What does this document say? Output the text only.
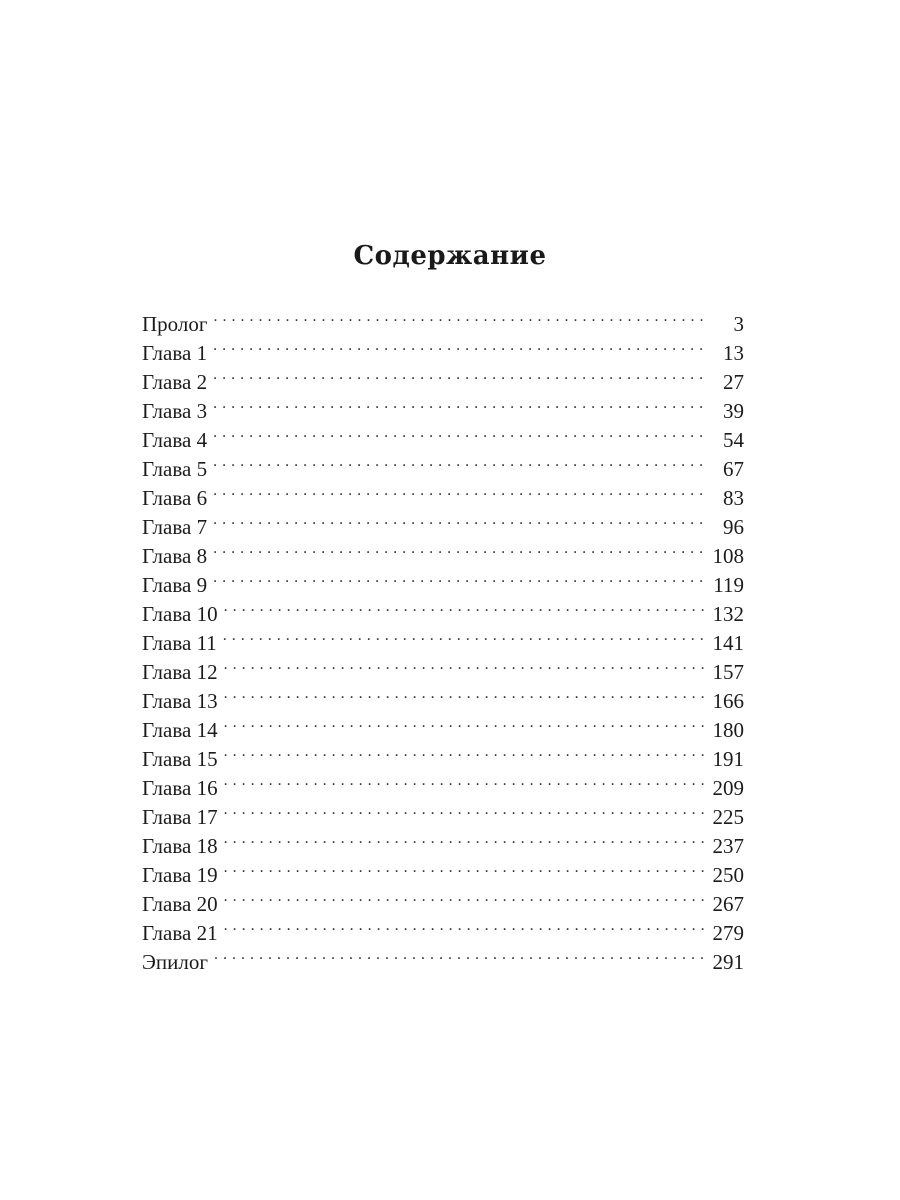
Содержание
Пролог . . .	3
Глава 1 . . .	13
Глава 2 . . .	27
Глава 3 . . .	39
Глава 4 . . .	54
Глава 5 . . .	67
Глава 6 . . .	83
Глава 7 . . .	96
Глава 8 . . .	108
Глава 9 . . .	119
Глава 10 . . .	132
Глава 11 . . .	141
Глава 12 . . .	157
Глава 13 . . .	166
Глава 14 . . .	180
Глава 15 . . .	191
Глава 16 . . .	209
Глава 17 . . .	225
Глава 18 . . .	237
Глава 19 . . .	250
Глава 20 . . .	267
Глава 21 . . .	279
Эпилог . . .	291
